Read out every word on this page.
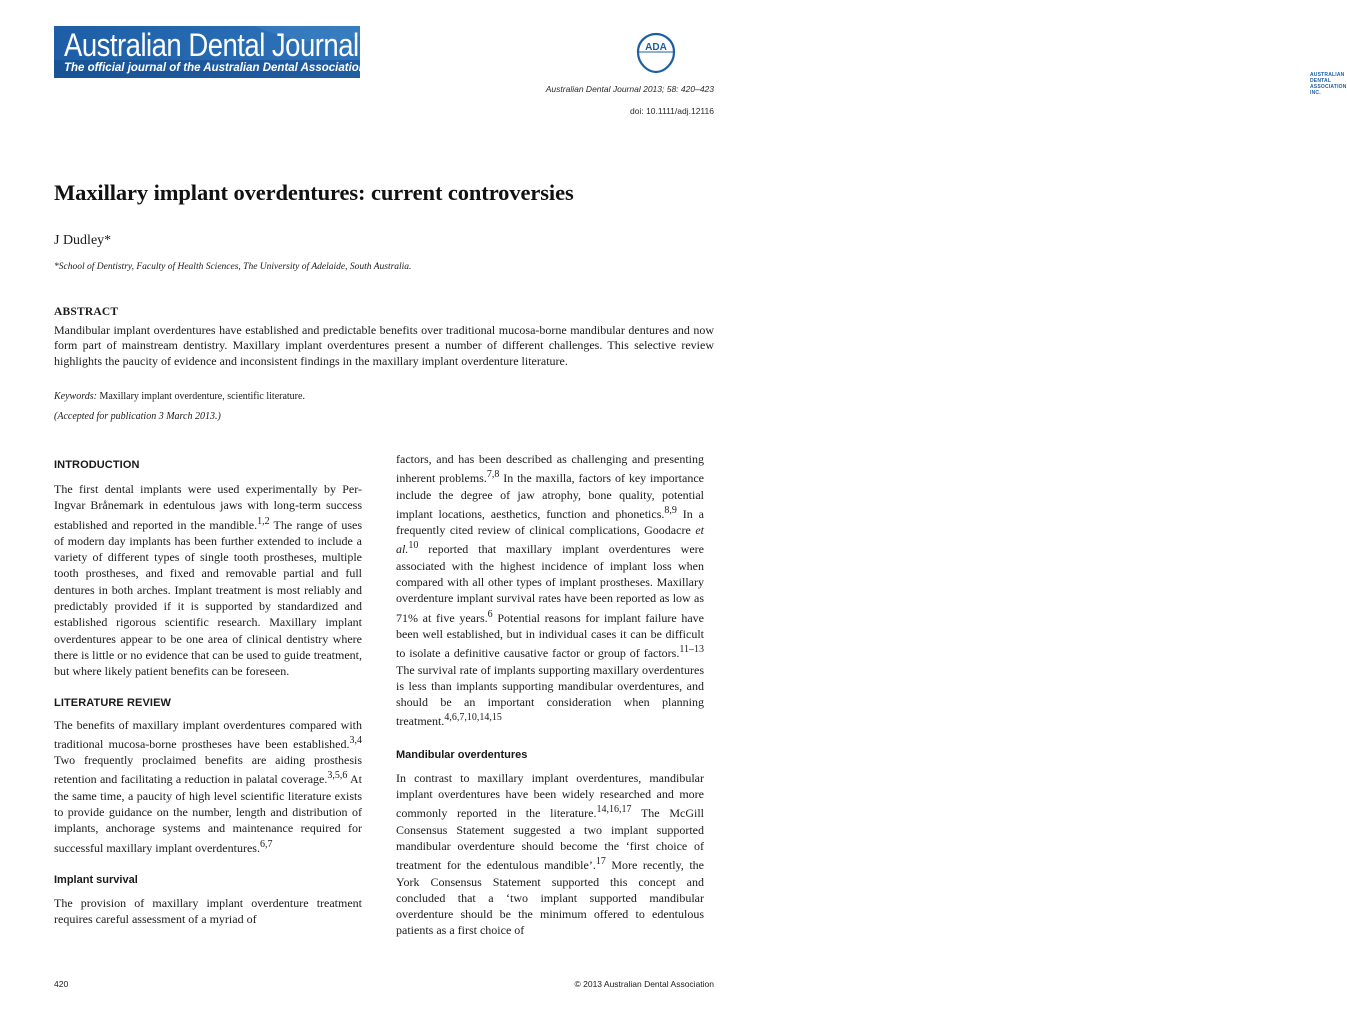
Australian Dental Journal
The official journal of the Australian Dental Association
ADA
AUSTRALIAN DENTAL
ASSOCIATION INC.
Australian Dental Journal 2013; 58: 420–423
doi: 10.1111/adj.12116
Maxillary implant overdentures: current controversies
J Dudley*
*School of Dentistry, Faculty of Health Sciences, The University of Adelaide, South Australia.
ABSTRACT

Mandibular implant overdentures have established and predictable benefits over traditional mucosa-borne mandibular dentures and now form part of mainstream dentistry. Maxillary implant overdentures present a number of different challenges. This selective review highlights the paucity of evidence and inconsistent findings in the maxillary implant overdenture literature.

Keywords: Maxillary implant overdenture, scientific literature.
(Accepted for publication 3 March 2013.)
INTRODUCTION

The first dental implants were used experimentally by Per-Ingvar Brånemark in edentulous jaws with long-term success established and reported in the mandible.$^{1,2}$ The range of uses of modern day implants has been further extended to include a variety of different types of single tooth prostheses, multiple tooth prostheses, and fixed and removable partial and full dentures in both arches. Implant treatment is most reliably and predictably provided if it is supported by standardized and established rigorous scientific research. Maxillary implant overdentures appear to be one area of clinical dentistry where there is little or no evidence that can be used to guide treatment, but where likely patient benefits can be foreseen.

LITERATURE REVIEW

The benefits of maxillary implant overdentures compared with traditional mucosa-borne prostheses have been established.$^{3,4}$ Two frequently proclaimed benefits are aiding prosthesis retention and facilitating a reduction in palatal coverage.$^{3,5,6}$ At the same time, a paucity of high level scientific literature exists to provide guidance on the number, length and distribution of implants, anchorage systems and maintenance required for successful maxillary implant overdentures.$^{6,7}$

Implant survival

The provision of maxillary implant overdenture treatment requires careful assessment of a myriad of

factors, and has been described as challenging and presenting inherent problems.$^{7,8}$ In the maxilla, factors of key importance include the degree of jaw atrophy, bone quality, potential implant locations, aesthetics, function and phonetics.$^{8,9}$ In a frequently cited review of clinical complications, Goodacre et al.$^{10}$ reported that maxillary implant overdentures were associated with the highest incidence of implant loss when compared with all other types of implant prostheses. Maxillary overdenture implant survival rates have been reported as low as 71% at five years.$^6$ Potential reasons for implant failure have been well established, but in individual cases it can be difficult to isolate a definitive causative factor or group of factors.$^{11-13}$ The survival rate of implants supporting maxillary overdentures is less than implants supporting mandibular overdentures, and should be an important consideration when planning treatment.$^{4,6,7,10,14,15}$

Mandibular overdentures

In contrast to maxillary implant overdentures, mandibular implant overdentures have been widely researched and more commonly reported in the literature.$^{14,16,17}$ The McGill Consensus Statement suggested a two implant supported mandibular overdenture should become the ‘first choice of treatment for the edentulous mandible’.$^{17}$ More recently, the York Consensus Statement supported this concept and concluded that a ‘two implant supported mandibular overdenture should be the minimum offered to edentulous patients as a first choice of

420	© 2013 Australian Dental Association
